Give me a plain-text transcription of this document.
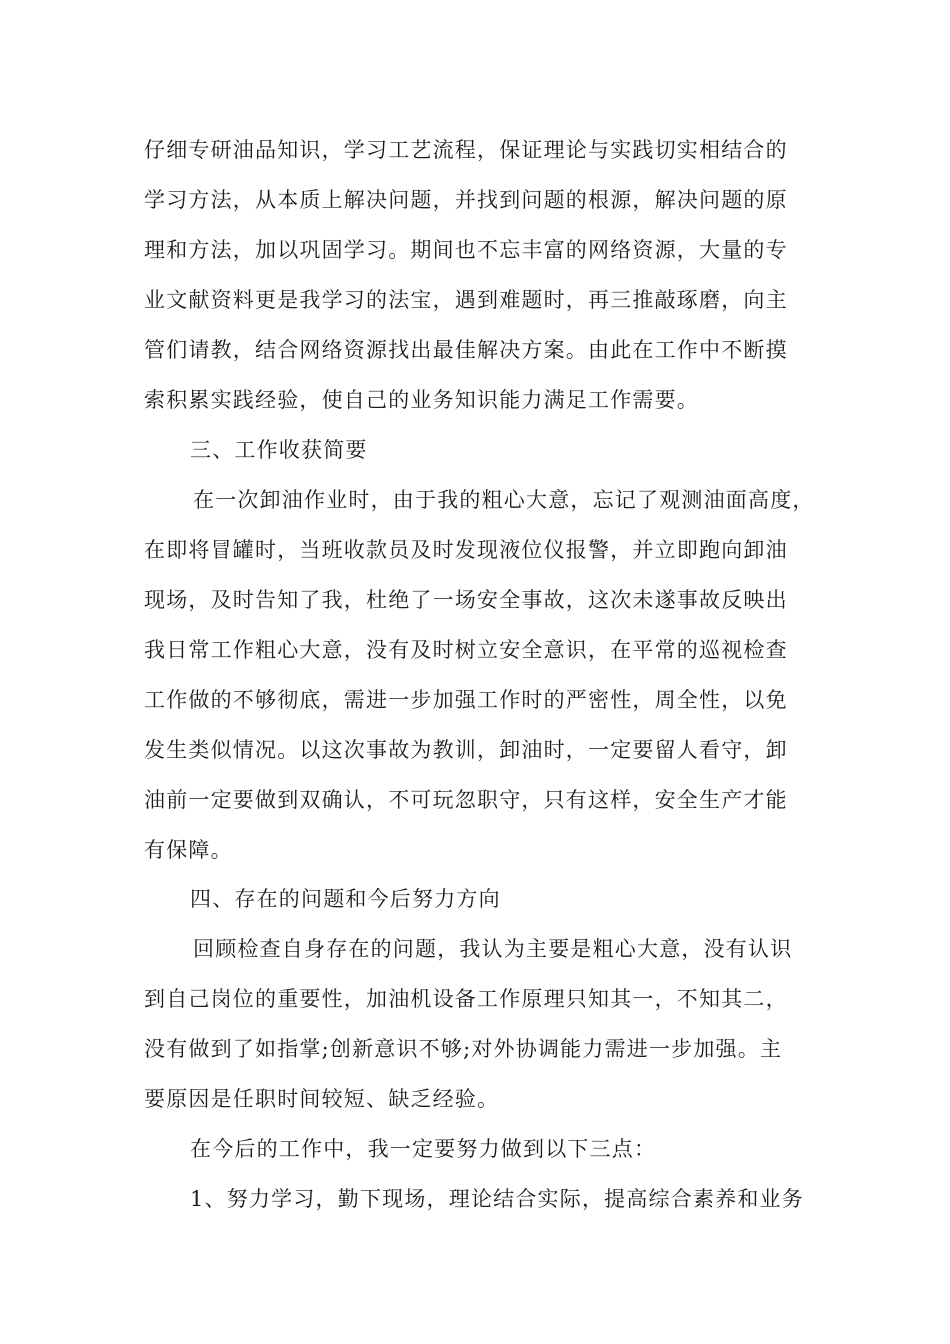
仔细专研油品知识，学习工艺流程，保证理论与实践切实相结合的

学习方法，从本质上解决问题，并找到问题的根源，解决问题的原

理和方法，加以巩固学习。期间也不忘丰富的网络资源，大量的专

业文献资料更是我学习的法宝，遇到难题时，再三推敲琢磨，向主

管们请教，结合网络资源找出最佳解决方案。由此在工作中不断摸

索积累实践经验，使自己的业务知识能力满足工作需要。

三、工作收获简要

在一次卸油作业时，由于我的粗心大意，忘记了观测油面高度，

在即将冒罐时，当班收款员及时发现液位仪报警，并立即跑向卸油

现场，及时告知了我，杜绝了一场安全事故，这次未遂事故反映出

我日常工作粗心大意，没有及时树立安全意识，在平常的巡视检查

工作做的不够彻底，需进一步加强工作时的严密性，周全性，以免

发生类似情况。以这次事故为教训，卸油时，一定要留人看守，卸

油前一定要做到双确认，不可玩忽职守，只有这样，安全生产才能

有保障。

四、存在的问题和今后努力方向

回顾检查自身存在的问题，我认为主要是粗心大意，没有认识

到自己岗位的重要性，加油机设备工作原理只知其一，不知其二，

没有做到了如指掌;创新意识不够;对外协调能力需进一步加强。主

要原因是任职时间较短、缺乏经验。

在今后的工作中，我一定要努力做到以下三点：

1、努力学习，勤下现场，理论结合实际，提高综合素养和业务
